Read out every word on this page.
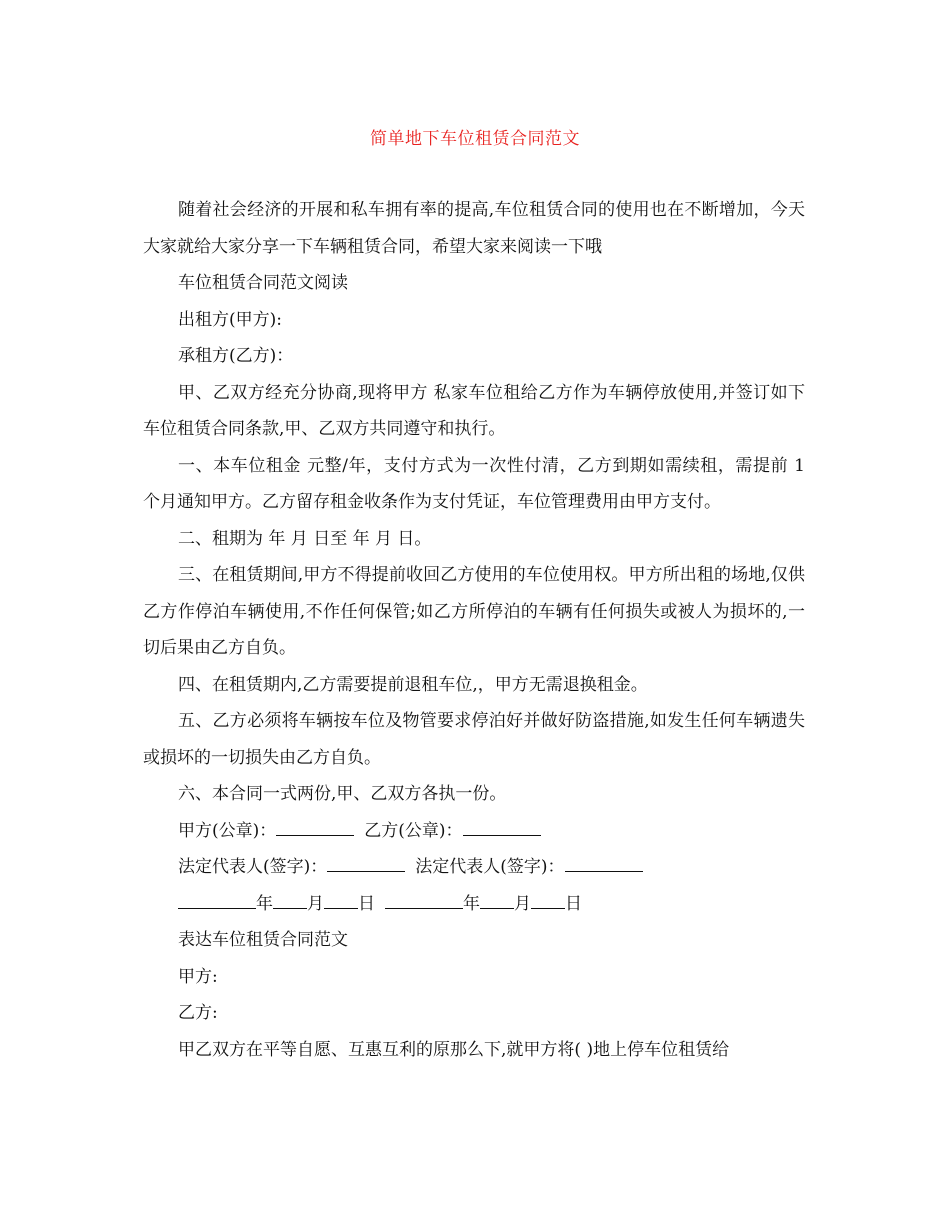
简单地下车位租赁合同范文

随着社会经济的开展和私车拥有率的提高,车位租赁合同的使用也在不断增加，今天大家就给大家分享一下车辆租赁合同，希望大家来阅读一下哦

车位租赁合同范文阅读

出租方(甲方):

承租方(乙方)：

甲、乙双方经充分协商,现将甲方 私家车位租给乙方作为车辆停放使用,并签订如下车位租赁合同条款,甲、乙双方共同遵守和执行。

一、本车位租金 元整/年，支付方式为一次性付清，乙方到期如需续租，需提前 1 个月通知甲方。乙方留存租金收条作为支付凭证，车位管理费用由甲方支付。

二、租期为 年 月 日至 年 月 日。

三、在租赁期间,甲方不得提前收回乙方使用的车位使用权。甲方所出租的场地,仅供乙方作停泊车辆使用,不作任何保管;如乙方所停泊的车辆有任何损失或被人为损坏的,一切后果由乙方自负。

四、在租赁期内,乙方需要提前退租车位,，甲方无需退换租金。

五、乙方必须将车辆按车位及物管要求停泊好并做好防盗措施,如发生任何车辆遗失或损坏的一切损失由乙方自负。

六、本合同一式两份,甲、乙双方各执一份。

甲方(公章)：	乙方(公章)：

法定代表人(签字)：	法定代表人(签字)：

年 月 日	年 月 日

表达车位租赁合同范文

甲方:

乙方:

甲乙双方在平等自愿、互惠互利的原那么下,就甲方将( )地上停车位租赁给
